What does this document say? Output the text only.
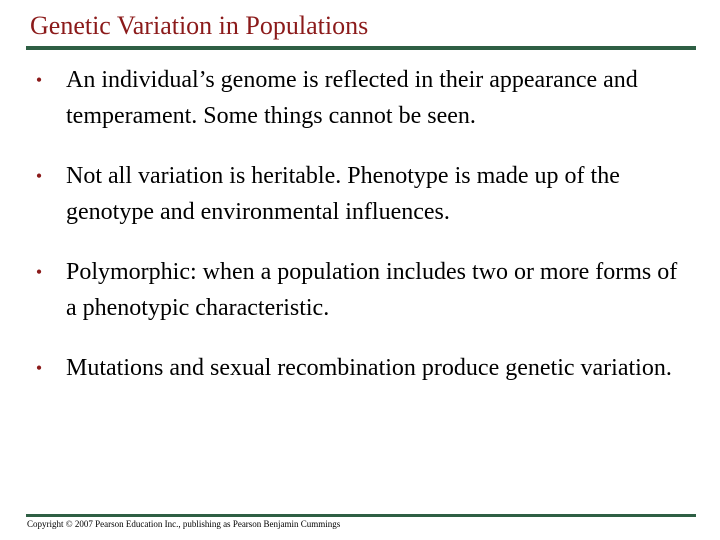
Genetic Variation in Populations
• An individual’s genome is reflected in their appearance and temperament. Some things cannot be seen.
• Not all variation is heritable. Phenotype is made up of the genotype and environmental influences.
• Polymorphic: when a population includes two or more forms of a phenotypic characteristic.
• Mutations and sexual recombination produce genetic variation.
Copyright © 2007 Pearson Education Inc., publishing as Pearson Benjamin Cummings
